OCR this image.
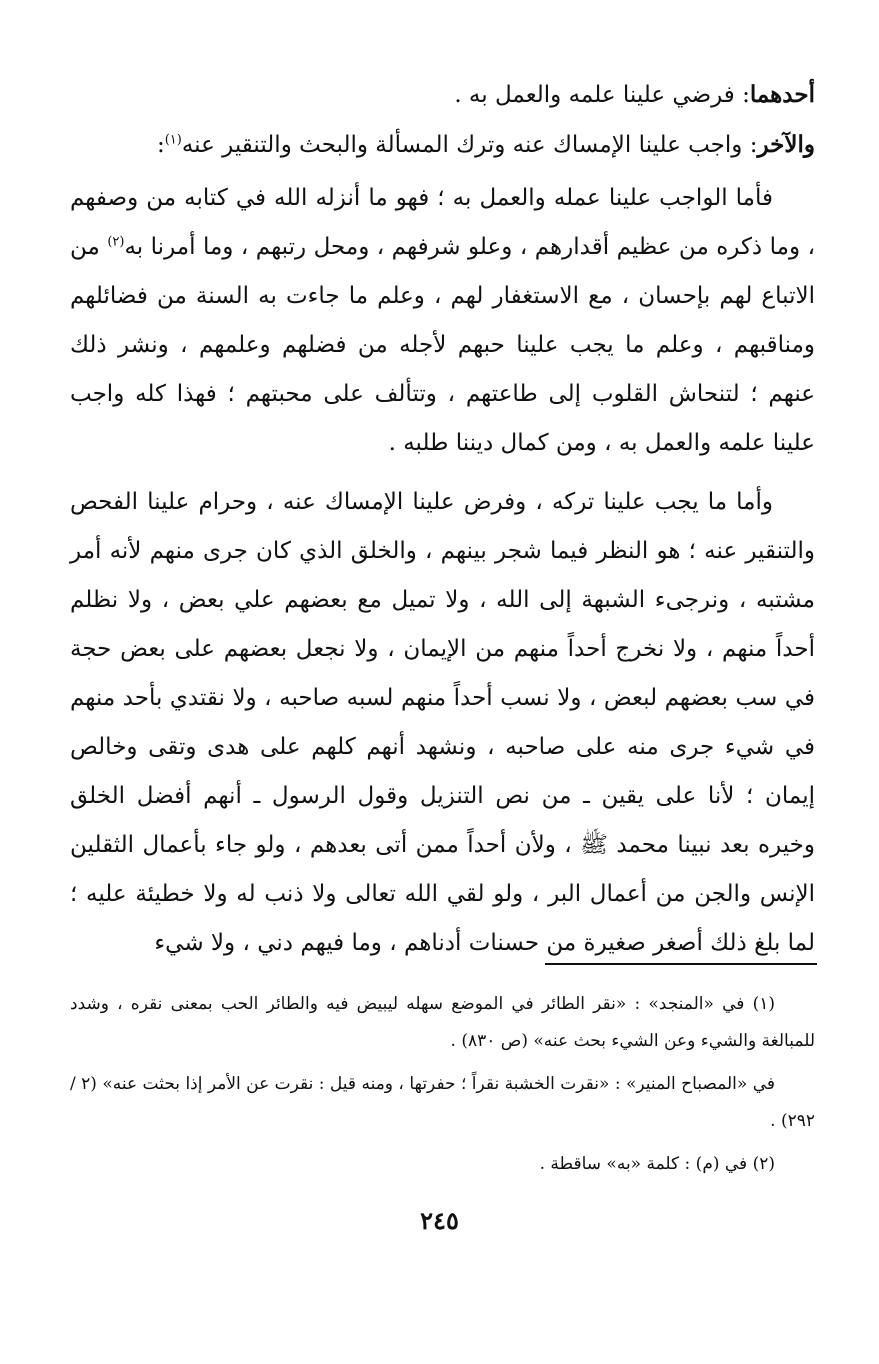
أحدهما: فرضي علينا علمه والعمل به .

والآخر: واجب علينا الإمساك عنه وترك المسألة والبحث والتنقير عنه$^{(١)}$:

فأما الواجب علينا عمله والعمل به ؛ فهو ما أنزله الله في كتابه من وصفهم ، وما ذكره من عظيم أقدارهم ، وعلو شرفهم ، ومحل رتبهم ، وما أمرنا به$^{(٢)}$ من الاتباع لهم بإحسان ، مع الاستغفار لهم ، وعلم ما جاءت به السنة من فضائلهم ومناقبهم ، وعلم ما يجب علينا حبهم لأجله من فضلهم وعلمهم ، ونشر ذلك عنهم ؛ لتنحاش القلوب إلى طاعتهم ، وتتألف على محبتهم ؛ فهذا كله واجب علينا علمه والعمل به ، ومن كمال ديننا طلبه .

وأما ما يجب علينا تركه ، وفرض علينا الإمساك عنه ، وحرام علينا الفحص والتنقير عنه ؛ هو النظر فيما شجر بينهم ، والخلق الذي كان جرى منهم لأنه أمر مشتبه ، ونرجىء الشبهة إلى الله ، ولا تميل مع بعضهم علي بعض ، ولا نظلم أحداً منهم ، ولا نخرج أحداً منهم من الإيمان ، ولا نجعل بعضهم على بعض حجة في سب بعضهم لبعض ، ولا نسب أحداً منهم لسبه صاحبه ، ولا نقتدي بأحد منهم في شيء جرى منه على صاحبه ، ونشهد أنهم كلهم على هدى وتقى وخالص إيمان ؛ لأنا على يقين ـ من نص التنزيل وقول الرسول ـ أنهم أفضل الخلق وخيره بعد نبينا محمد ﷺ ، ولأن أحداً ممن أتى بعدهم ، ولو جاء بأعمال الثقلين الإنس والجن من أعمال البر ، ولو لقي الله تعالى ولا ذنب له ولا خطيئة عليه ؛ لما بلغ ذلك أصغر صغيرة من حسنات أدناهم ، وما فيهم دني ، ولا شيء

(١) في «المنجد» : «نقر الطائر في الموضع سهله ليبيض فيه والطائر الحب بمعنى نقره ، وشدد للمبالغة والشيء وعن الشيء بحث عنه» (ص ٨٣٠) .

في «المصباح المنير» : «نقرت الخشبة نقراً ؛ حفرتها ، ومنه قيل : نقرت عن الأمر إذا بحثت عنه» (٢ / ٢٩٢) .

(٢) في (م) : كلمة «به» ساقطة .

٢٤٥
